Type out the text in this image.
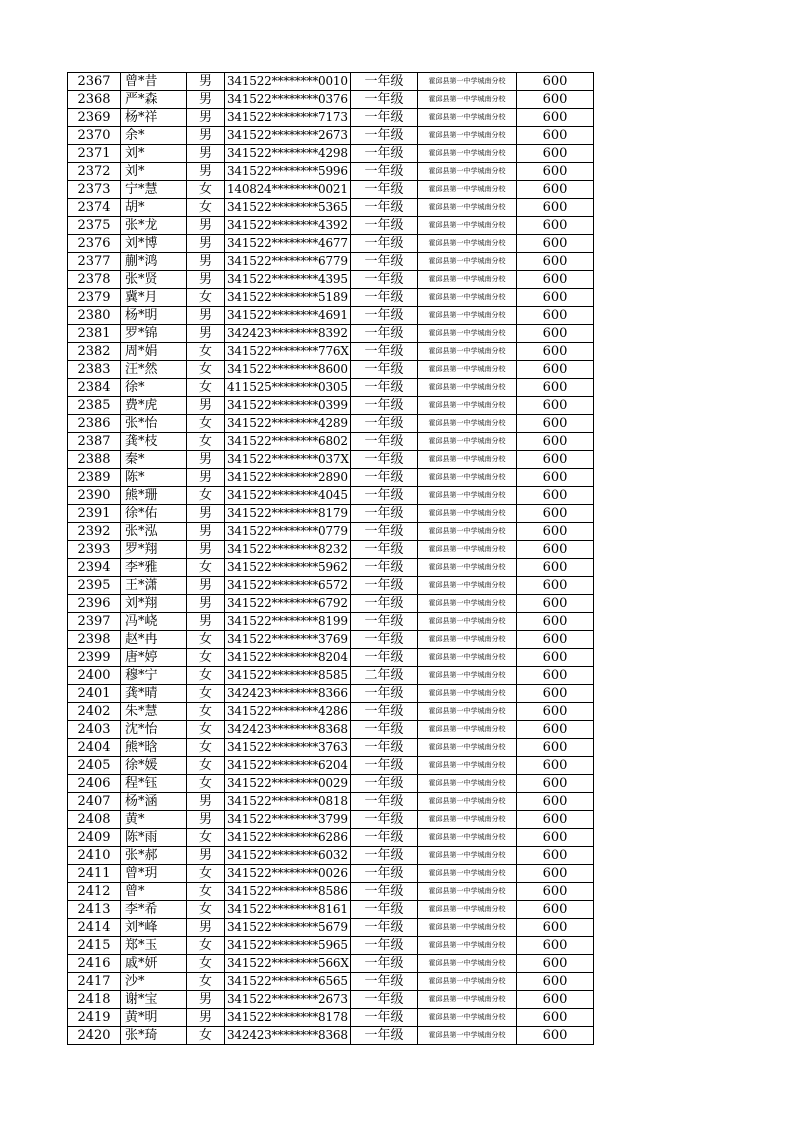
2367	曾*昔	男	341522********0010	一年级	霍邱县第一中学城南分校	600
2368	严*森	男	341522********0376	一年级	霍邱县第一中学城南分校	600
2369	杨*祥	男	341522********7173	一年级	霍邱县第一中学城南分校	600
2370	余*	男	341522********2673	一年级	霍邱县第一中学城南分校	600
2371	刘*	男	341522********4298	一年级	霍邱县第一中学城南分校	600
2372	刘*	男	341522********5996	一年级	霍邱县第一中学城南分校	600
2373	宁*慧	女	140824********0021	一年级	霍邱县第一中学城南分校	600
2374	胡*	女	341522********5365	一年级	霍邱县第一中学城南分校	600
2375	张*龙	男	341522********4392	一年级	霍邱县第一中学城南分校	600
2376	刘*博	男	341522********4677	一年级	霍邱县第一中学城南分校	600
2377	蒯*鸿	男	341522********6779	一年级	霍邱县第一中学城南分校	600
2378	张*贤	男	341522********4395	一年级	霍邱县第一中学城南分校	600
2379	冀*月	女	341522********5189	一年级	霍邱县第一中学城南分校	600
2380	杨*明	男	341522********4691	一年级	霍邱县第一中学城南分校	600
2381	罗*锦	男	342423********8392	一年级	霍邱县第一中学城南分校	600
2382	周*娟	女	341522********776X	一年级	霍邱县第一中学城南分校	600
2383	汪*然	女	341522********8600	一年级	霍邱县第一中学城南分校	600
2384	徐*	女	411525********0305	一年级	霍邱县第一中学城南分校	600
2385	费*虎	男	341522********0399	一年级	霍邱县第一中学城南分校	600
2386	张*怡	女	341522********4289	一年级	霍邱县第一中学城南分校	600
2387	龚*枝	女	341522********6802	一年级	霍邱县第一中学城南分校	600
2388	秦*	男	341522********037X	一年级	霍邱县第一中学城南分校	600
2389	陈*	男	341522********2890	一年级	霍邱县第一中学城南分校	600
2390	熊*珊	女	341522********4045	一年级	霍邱县第一中学城南分校	600
2391	徐*佑	男	341522********8179	一年级	霍邱县第一中学城南分校	600
2392	张*泓	男	341522********0779	一年级	霍邱县第一中学城南分校	600
2393	罗*翔	男	341522********8232	一年级	霍邱县第一中学城南分校	600
2394	李*雅	女	341522********5962	一年级	霍邱县第一中学城南分校	600
2395	王*潇	男	341522********6572	一年级	霍邱县第一中学城南分校	600
2396	刘*翔	男	341522********6792	一年级	霍邱县第一中学城南分校	600
2397	冯*峣	男	341522********8199	一年级	霍邱县第一中学城南分校	600
2398	赵*冉	女	341522********3769	一年级	霍邱县第一中学城南分校	600
2399	唐*婷	女	341522********8204	一年级	霍邱县第一中学城南分校	600
2400	穆*宁	女	341522********8585	二年级	霍邱县第一中学城南分校	600
2401	龚*晴	女	342423********8366	一年级	霍邱县第一中学城南分校	600
2402	朱*慧	女	341522********4286	一年级	霍邱县第一中学城南分校	600
2403	沈*怡	女	342423********8368	一年级	霍邱县第一中学城南分校	600
2404	熊*晗	女	341522********3763	一年级	霍邱县第一中学城南分校	600
2405	徐*媛	女	341522********6204	一年级	霍邱县第一中学城南分校	600
2406	程*钰	女	341522********0029	一年级	霍邱县第一中学城南分校	600
2407	杨*涵	男	341522********0818	一年级	霍邱县第一中学城南分校	600
2408	黄*	男	341522********3799	一年级	霍邱县第一中学城南分校	600
2409	陈*雨	女	341522********6286	一年级	霍邱县第一中学城南分校	600
2410	张*郝	男	341522********6032	一年级	霍邱县第一中学城南分校	600
2411	曾*玥	女	341522********0026	一年级	霍邱县第一中学城南分校	600
2412	曾*	女	341522********8586	一年级	霍邱县第一中学城南分校	600
2413	李*希	女	341522********8161	一年级	霍邱县第一中学城南分校	600
2414	刘*峰	男	341522********5679	一年级	霍邱县第一中学城南分校	600
2415	郑*玉	女	341522********5965	一年级	霍邱县第一中学城南分校	600
2416	戚*妍	女	341522********566X	一年级	霍邱县第一中学城南分校	600
2417	沙*	女	341522********6565	一年级	霍邱县第一中学城南分校	600
2418	谢*宝	男	341522********2673	一年级	霍邱县第一中学城南分校	600
2419	黄*明	男	341522********8178	一年级	霍邱县第一中学城南分校	600
2420	张*琦	女	342423********8368	一年级	霍邱县第一中学城南分校	600
